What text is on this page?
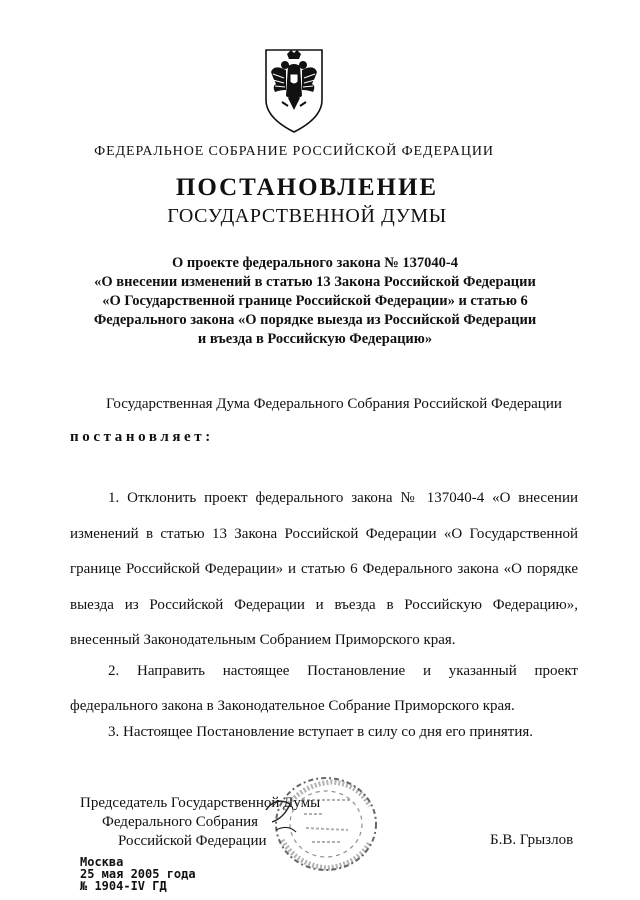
ФЕДЕРАЛЬНОЕ СОБРАНИЕ РОССИЙСКОЙ ФЕДЕРАЦИИ
ПОСТАНОВЛЕНИЕ
ГОСУДАРСТВЕННОЙ ДУМЫ
О проекте федерального закона № 137040-4
«О внесении изменений в статью 13 Закона Российской Федерации
«О Государственной границе Российской Федерации» и статью 6
Федерального закона «О порядке выезда из Российской Федерации
и въезда в Российскую Федерацию»
Государственная Дума Федерального Собрания Российской Федерации
постановляет:
1. Отклонить проект федерального закона № 137040-4 «О внесении
изменений в статью 13 Закона Российской Федерации «О Государственной
границе Российской Федерации» и статью 6 Федерального закона «О порядке
выезда из Российской Федерации и въезда в Российскую Федерацию»,
внесенный Законодательным Собранием Приморского края.
2. Направить настоящее Постановление и указанный проект
федерального закона в Законодательное Собрание Приморского края.
3. Настоящее Постановление вступает в силу со дня его принятия.
Председатель Государственной Думы
Федерального Собрания
Российской Федерации	Б.В. Грызлов
Москва
25 мая 2005 года
№ 1904-IV ГД
